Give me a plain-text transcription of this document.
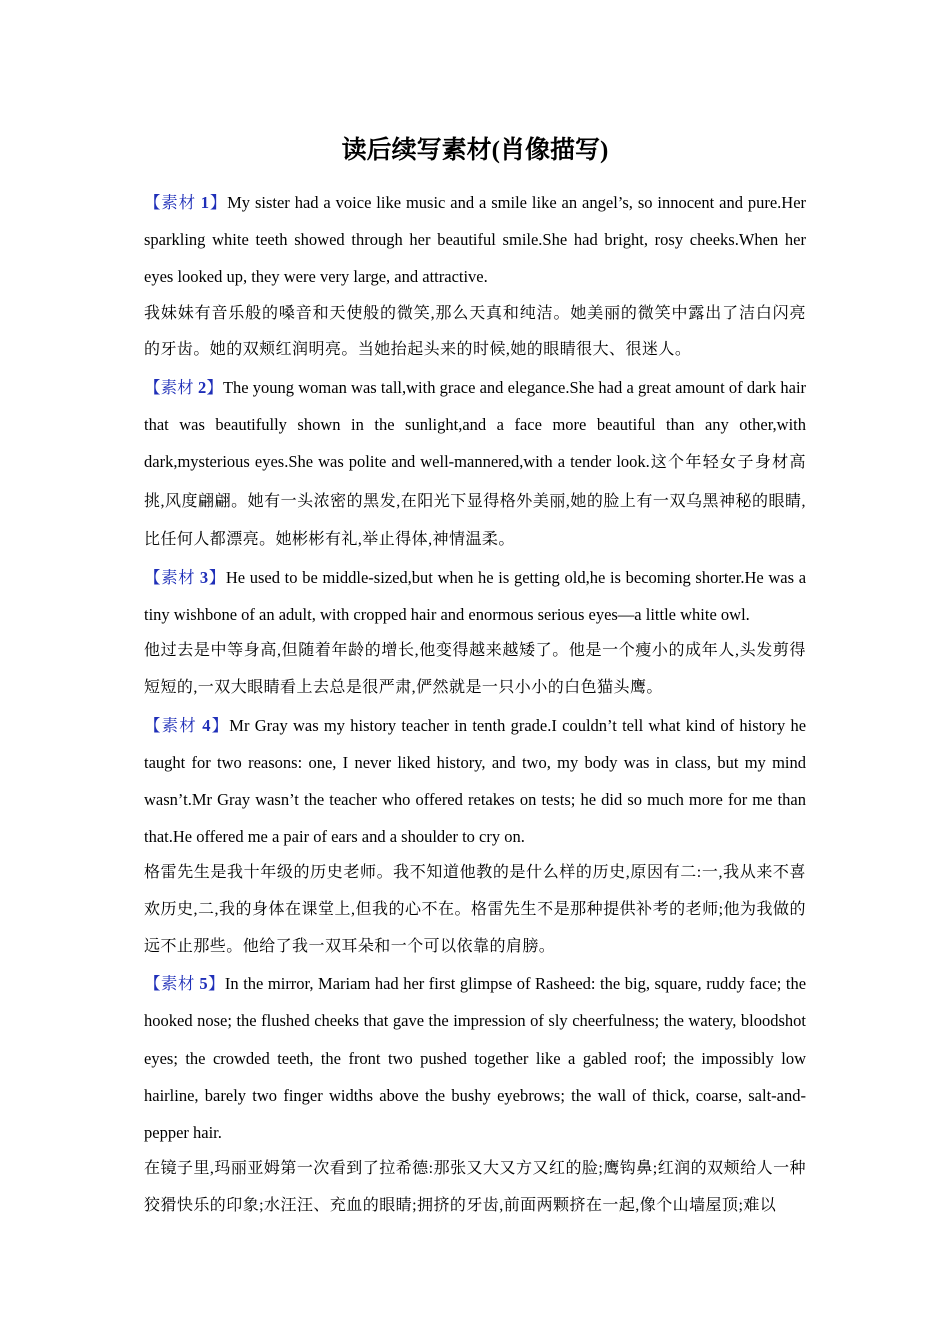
读后续写素材(肖像描写)

【素材 1】My sister had a voice like music and a smile like an angel’s, so innocent and pure.Her sparkling white teeth showed through her beautiful smile.She had bright, rosy cheeks.When her eyes looked up, they were very large, and attractive.

我妹妹有音乐般的嗓音和天使般的微笑,那么天真和纯洁。她美丽的微笑中露出了洁白闪亮的牙齿。她的双颊红润明亮。当她抬起头来的时候,她的眼睛很大、很迷人。

【素材 2】The young woman was tall,with grace and elegance.She had a great amount of dark hair that was beautifully shown in the sunlight,and a face more beautiful than any other,with dark,mysterious eyes.She was polite and well-mannered,with a tender look.这个年轻女子身材高挑,风度翩翩。她有一头浓密的黑发,在阳光下显得格外美丽,她的脸上有一双乌黑神秘的眼睛,比任何人都漂亮。她彬彬有礼,举止得体,神情温柔。

【素材 3】He used to be middle-sized,but when he is getting old,he is becoming shorter.He was a tiny wishbone of an adult, with cropped hair and enormous serious eyes—a little white owl.

他过去是中等身高,但随着年龄的增长,他变得越来越矮了。他是一个瘦小的成年人,头发剪得短短的,一双大眼睛看上去总是很严肃,俨然就是一只小小的白色猫头鹰。

【素材 4】Mr Gray was my history teacher in tenth grade.I couldn’t tell what kind of history he taught for two reasons: one, I never liked history, and two, my body was in class, but my mind wasn’t.Mr Gray wasn’t the teacher who offered retakes on tests; he did so much more for me than that.He offered me a pair of ears and a shoulder to cry on.

格雷先生是我十年级的历史老师。我不知道他教的是什么样的历史,原因有二:一,我从来不喜欢历史,二,我的身体在课堂上,但我的心不在。格雷先生不是那种提供补考的老师;他为我做的远不止那些。他给了我一双耳朵和一个可以依靠的肩膀。

【素材 5】In the mirror, Mariam had her first glimpse of Rasheed: the big, square, ruddy face; the hooked nose; the flushed cheeks that gave the impression of sly cheerfulness; the watery, bloodshot eyes; the crowded teeth, the front two pushed together like a gabled roof; the impossibly low hairline, barely two finger widths above the bushy eyebrows; the wall of thick, coarse, salt-and-pepper hair.

在镜子里,玛丽亚姆第一次看到了拉希德:那张又大又方又红的脸;鹰钩鼻;红润的双颊给人一种狡猾快乐的印象;水汪汪、充血的眼睛;拥挤的牙齿,前面两颗挤在一起,像个山墙屋顶;难以
